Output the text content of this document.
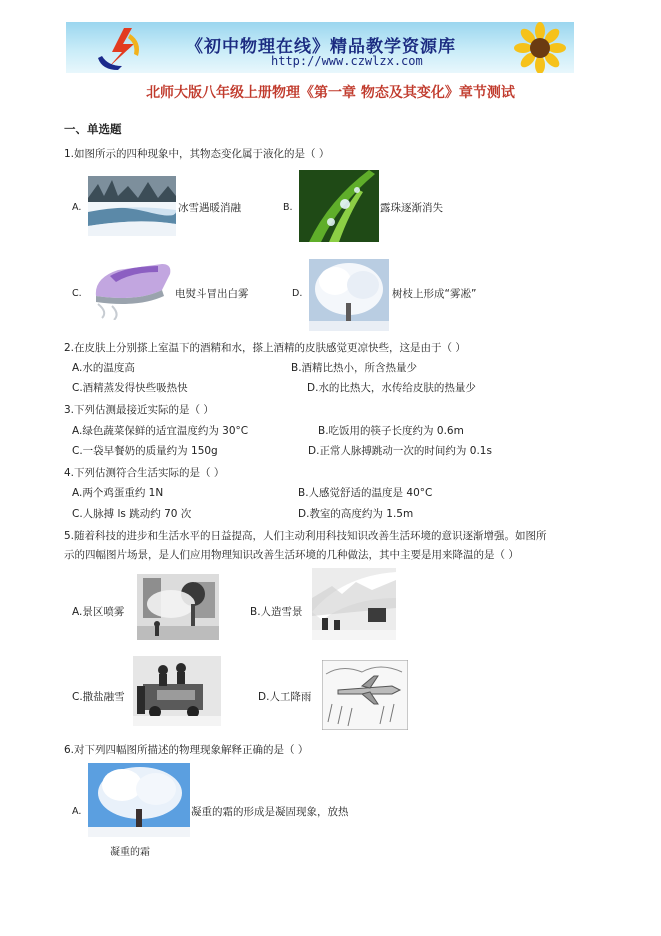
《初中物理在线》精品教学资源库
http://www.czwlzx.com
北师大版八年级上册物理《第一章 物态及其变化》章节测试
一、单选题
1.如图所示的四种现象中，其物态变化属于液化的是（ ）
A.	冰雪遇暖消融	B.	露珠逐渐消失
C.	电熨斗冒出白雾	D.	树枝上形成“雾凇”
2.在皮肤上分别搽上室温下的酒精和水，搽上酒精的皮肤感觉更凉快些，这是由于（ ）
A.水的温度高	B.酒精比热小，所含热量少
C.酒精蒸发得快些吸热快	D.水的比热大，水传给皮肤的热量少
3.下列估测最接近实际的是（ ）
A.绿色蔬菜保鲜的适宜温度约为 30°C	B.吃饭用的筷子长度约为 0.6m
C.一袋早餐奶的质量约为 150g	D.正常人脉搏跳动一次的时间约为 0.1s
4.下列估测符合生活实际的是（ ）
A.两个鸡蛋重约 1N	B.人感觉舒适的温度是 40°C
C.人脉搏 ls 跳动约 70 次	D.教室的高度约为 1.5m
5.随着科技的进步和生活水平的日益提高，人们主动利用科技知识改善生活环境的意识逐渐增强。如图所
示的四幅图片场景，是人们应用物理知识改善生活环境的几种做法，其中主要是用来降温的是（ ）
A.景区喷雾	B.人造雪景
C.撒盐融雪	D.人工降雨
6.对下列四幅图所描述的物理现象解释正确的是（ ）
A.	凝重的霜的形成是凝固现象，放热
凝重的霜
